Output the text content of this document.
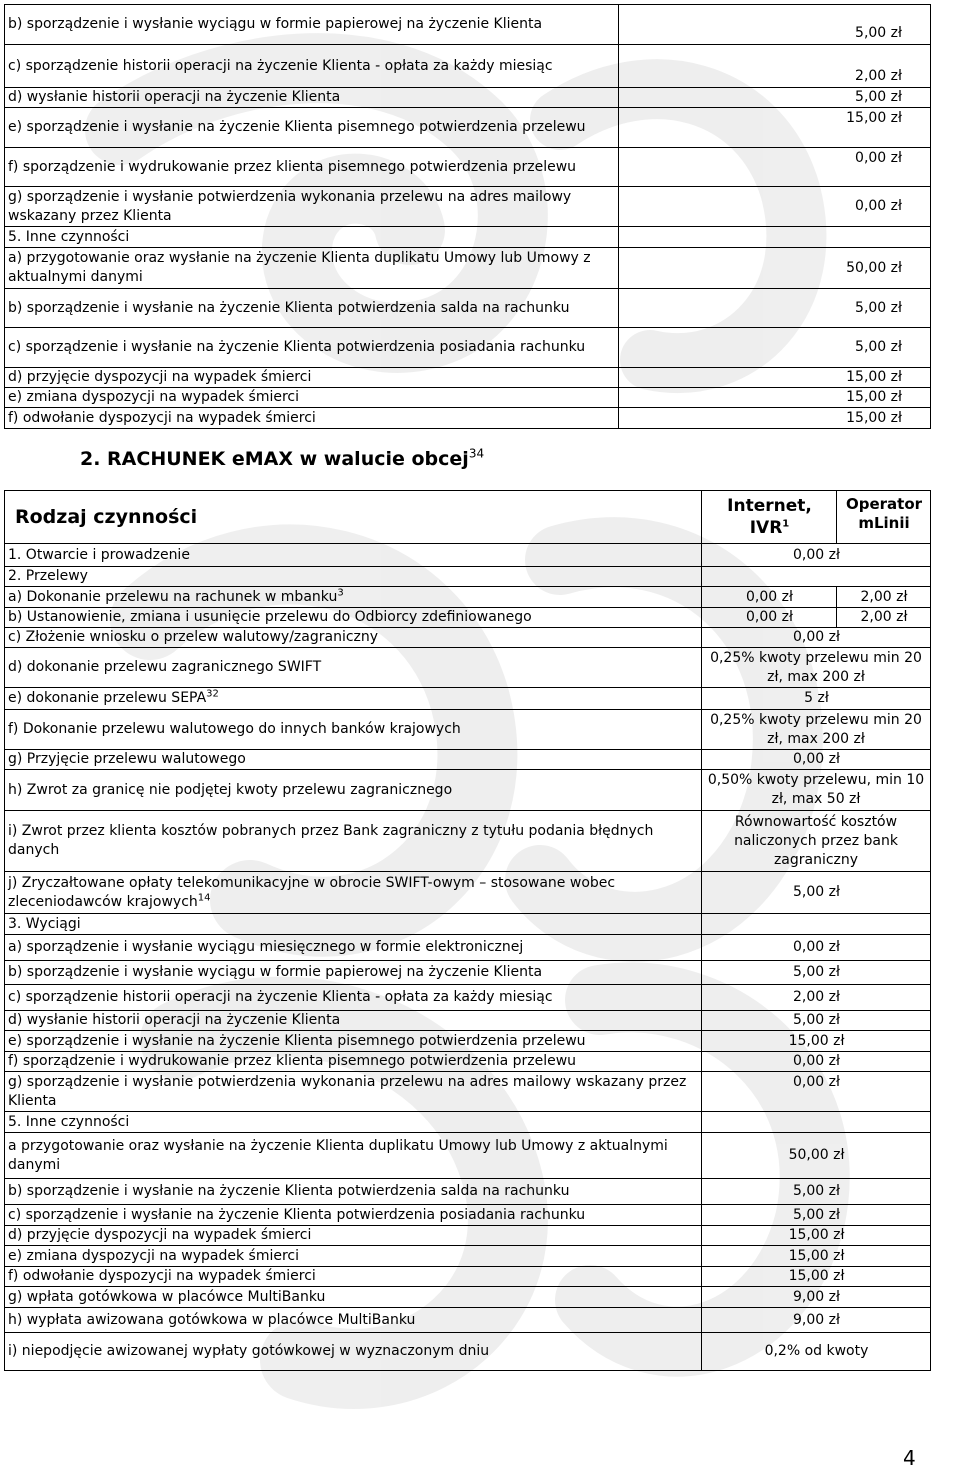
b) sporządzenie i wysłanie wyciągu w formie papierowej na życzenie Klienta	5,00 zł
c) sporządzenie historii operacji na życzenie Klienta - opłata za każdy miesiąc	2,00 zł
d) wysłanie historii operacji na życzenie Klienta	5,00 zł
e) sporządzenie i wysłanie na życzenie Klienta pisemnego potwierdzenia przelewu	15,00 zł
f) sporządzenie i wydrukowanie przez klienta pisemnego potwierdzenia przelewu	0,00 zł
g) sporządzenie i wysłanie potwierdzenia wykonania przelewu na adres mailowy wskazany przez Klienta	0,00 zł
5. Inne czynności	
a) przygotowanie oraz wysłanie na życzenie Klienta duplikatu Umowy lub Umowy z aktualnymi danymi	50,00 zł
b) sporządzenie i wysłanie na życzenie Klienta potwierdzenia salda na rachunku	5,00 zł
c) sporządzenie i wysłanie na życzenie Klienta potwierdzenia posiadania rachunku	5,00 zł
d) przyjęcie dyspozycji na wypadek śmierci	15,00 zł
e) zmiana dyspozycji na wypadek śmierci	15,00 zł
f) odwołanie dyspozycji na wypadek śmierci	15,00 zł
2. RACHUNEK eMAX w walucie obcej$^{34}$
Rodzaj czynności	Internet, IVR$^1$	Operator mLinii
1. Otwarcie i prowadzenie	0,00 zł	
2. Przelewy		
a) Dokonanie przelewu na rachunek w mbanku$^3$	0,00 zł	2,00 zł
b) Ustanowienie, zmiana i usunięcie przelewu do Odbiorcy zdefiniowanego	0,00 zł	2,00 zł
c) Złożenie wniosku o przelew walutowy/zagraniczny	0,00 zł	
d) dokonanie przelewu zagranicznego SWIFT	0,25% kwoty przelewu min 20 zł, max 200 zł	
e) dokonanie przelewu SEPA$^{32}$	5 zł	
f) Dokonanie przelewu walutowego do innych banków krajowych	0,25% kwoty przelewu min 20 zł, max 200 zł	
g) Przyjęcie przelewu walutowego	0,00 zł	
h) Zwrot za granicę nie podjętej kwoty przelewu zagranicznego	0,50% kwoty przelewu, min 10 zł, max 50 zł	
i) Zwrot przez klienta kosztów pobranych przez Bank zagraniczny z tytułu podania błędnych danych	Równowartość kosztów naliczonych przez bank zagraniczny	
j) Zryczałtowane opłaty telekomunikacyjne w obrocie SWIFT-owym – stosowane wobec zleceniodawców krajowych$^{14}$	5,00 zł	
3. Wyciągi		
a) sporządzenie i wysłanie wyciągu miesięcznego w formie elektronicznej	0,00 zł	
b) sporządzenie i wysłanie wyciągu w formie papierowej na życzenie Klienta	5,00 zł	
c) sporządzenie historii operacji na życzenie Klienta - opłata za każdy miesiąc	2,00 zł	
d) wysłanie historii operacji na życzenie Klienta	5,00 zł	
e) sporządzenie i wysłanie na życzenie Klienta pisemnego potwierdzenia przelewu	15,00 zł	
f) sporządzenie i wydrukowanie przez klienta pisemnego potwierdzenia przelewu	0,00 zł	
g) sporządzenie i wysłanie potwierdzenia wykonania przelewu na adres mailowy wskazany przez Klienta	0,00 zł	
5. Inne czynności		
a przygotowanie oraz wysłanie na życzenie Klienta duplikatu Umowy lub Umowy z aktualnymi danymi	50,00 zł	
b) sporządzenie i wysłanie na życzenie Klienta potwierdzenia salda na rachunku	5,00 zł	
c) sporządzenie i wysłanie na życzenie Klienta potwierdzenia posiadania rachunku	5,00 zł	
d) przyjęcie dyspozycji na wypadek śmierci	15,00 zł	
e) zmiana dyspozycji na wypadek śmierci	15,00 zł	
f) odwołanie dyspozycji na wypadek śmierci	15,00 zł	
g) wpłata gotówkowa w placówce MultiBanku	9,00 zł	
h) wypłata awizowana gotówkowa w placówce MultiBanku	9,00 zł	
i) niepodjęcie awizowanej wypłaty gotówkowej w wyznaczonym dniu	0,2% od kwoty	
4
